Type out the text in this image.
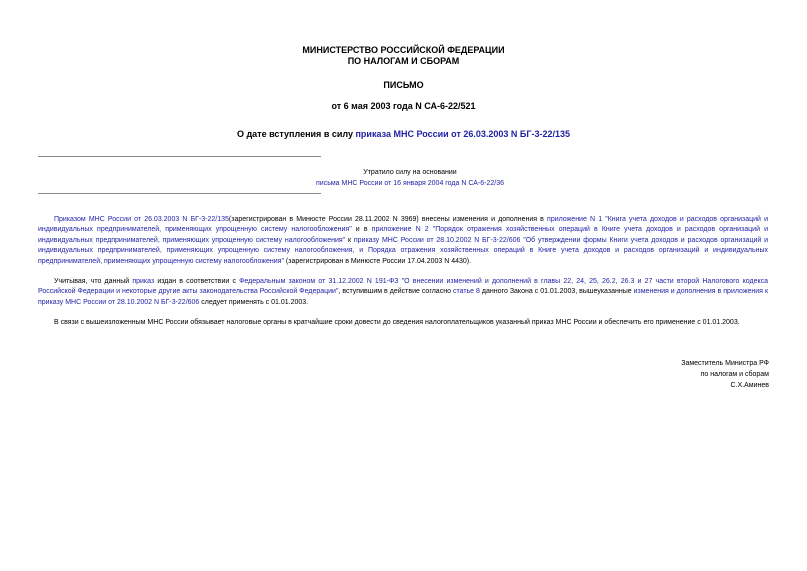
МИНИСТЕРСТВО РОССИЙСКОЙ ФЕДЕРАЦИИ
ПО НАЛОГАМ И СБОРАМ
ПИСЬМО
от 6 мая 2003 года N СА-6-22/521
О дате вступления в силу приказа МНС России от 26.03.2003 N БГ-3-22/135
Утратило силу на основании
письма МНС России от 16 января 2004 года N СА-6-22/36
Приказом МНС России от 26.03.2003 N БГ-3-22/135(зарегистрирован в Минюсте России 28.11.2002 N 3969) внесены изменения и дополнения в приложение N 1 "Книга учета доходов и расходов организаций и индивидуальных предпринимателей, применяющих упрощенную систему налогообложения" и в приложение N 2 "Порядок отражения хозяйственных операций в Книге учета доходов и расходов организаций и индивидуальных предпринимателей, применяющих упрощенную систему налогообложения" к приказу МНС России от 28.10.2002 N БГ-3-22/606 "Об утверждении формы Книги учета доходов и расходов организаций и индивидуальных предпринимателей, применяющих упрощенную систему налогообложения, и Порядка отражения хозяйственных операций в Книге учета доходов и расходов организаций и индивидуальных предпринимателей, применяющих упрощенную систему налогообложения" (зарегистрирован в Минюсте России 17.04.2003 N 4430).
Учитывая, что данный приказ издан в соответствии с Федеральным законом от 31.12.2002 N 191-ФЗ "О внесении изменений и дополнений в главы 22, 24, 25, 26.2, 26.3 и 27 части второй Налогового кодекса Российской Федерации и некоторые другие акты законодательства Российской Федерации", вступившим в действие согласно статье 8 данного Закона с 01.01.2003, вышеуказанные изменения и дополнения в приложения к приказу МНС России от 28.10.2002 N БГ-3-22/606 следует применять с 01.01.2003.
В связи с вышеизложенным МНС России обязывает налоговые органы в кратчайшие сроки довести до сведения налогоплательщиков указанный приказ МНС России и обеспечить его применение с 01.01.2003.
Заместитель Министра РФ
по налогам и сборам
С.Х.Аминев
